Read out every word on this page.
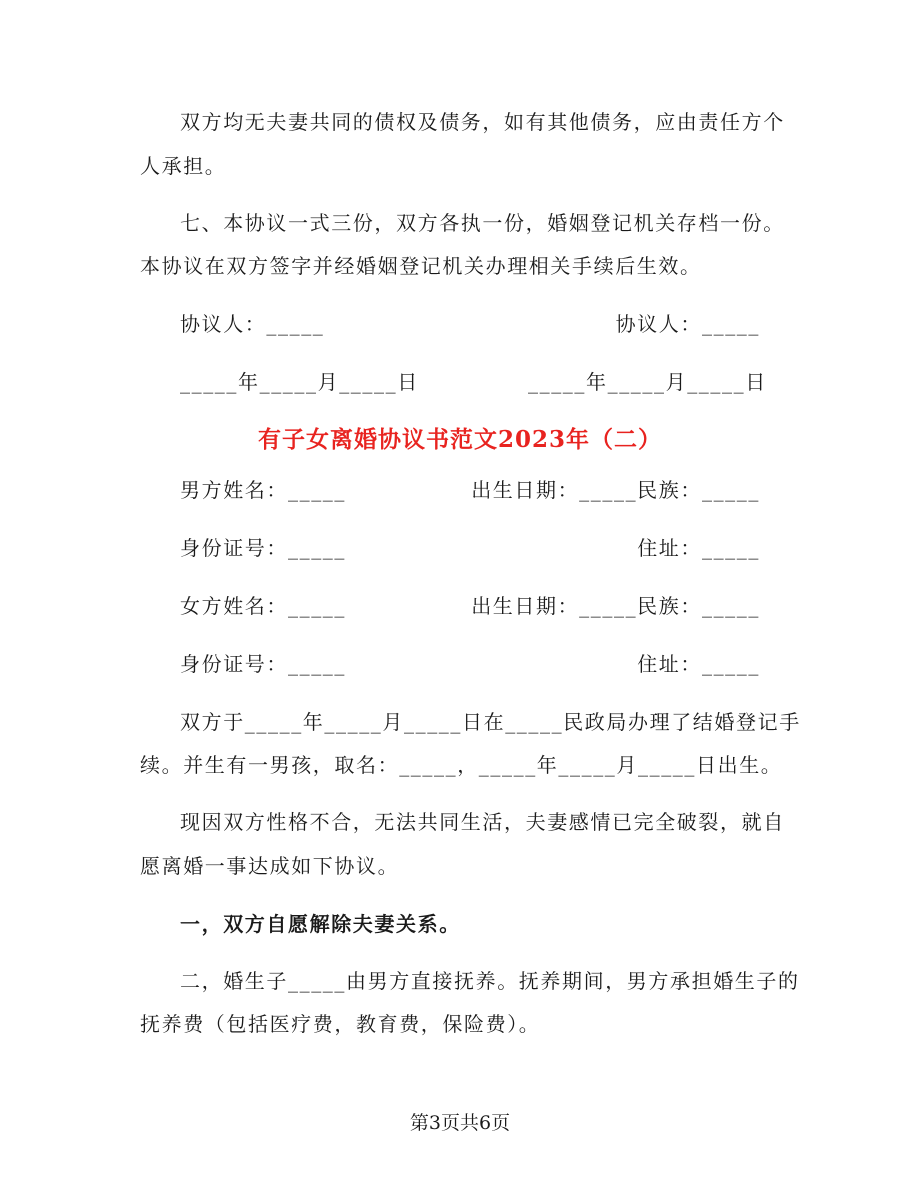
双方均无夫妻共同的债权及债务，如有其他债务，应由责任方个
人承担。
七、本协议一式三份，双方各执一份，婚姻登记机关存档一份。
本协议在双方签字并经婚姻登记机关办理相关手续后生效。
协议人：_____	协议人：_____
_____年_____月_____日	_____年_____月_____日
有子女离婚协议书范文2023年（二）
男方姓名：_____	出生日期：_____民族：_____
身份证号：_____	住址：_____
女方姓名：_____	出生日期：_____民族：_____
身份证号：_____	住址：_____
双方于_____年_____月_____日在_____民政局办理了结婚登记手
续。并生有一男孩，取名：_____，_____年_____月_____日出生。
现因双方性格不合，无法共同生活，夫妻感情已完全破裂，就自
愿离婚一事达成如下协议。
一，双方自愿解除夫妻关系。
二，婚生子_____由男方直接抚养。抚养期间，男方承担婚生子的
抚养费（包括医疗费，教育费，保险费）。
第3页共6页
